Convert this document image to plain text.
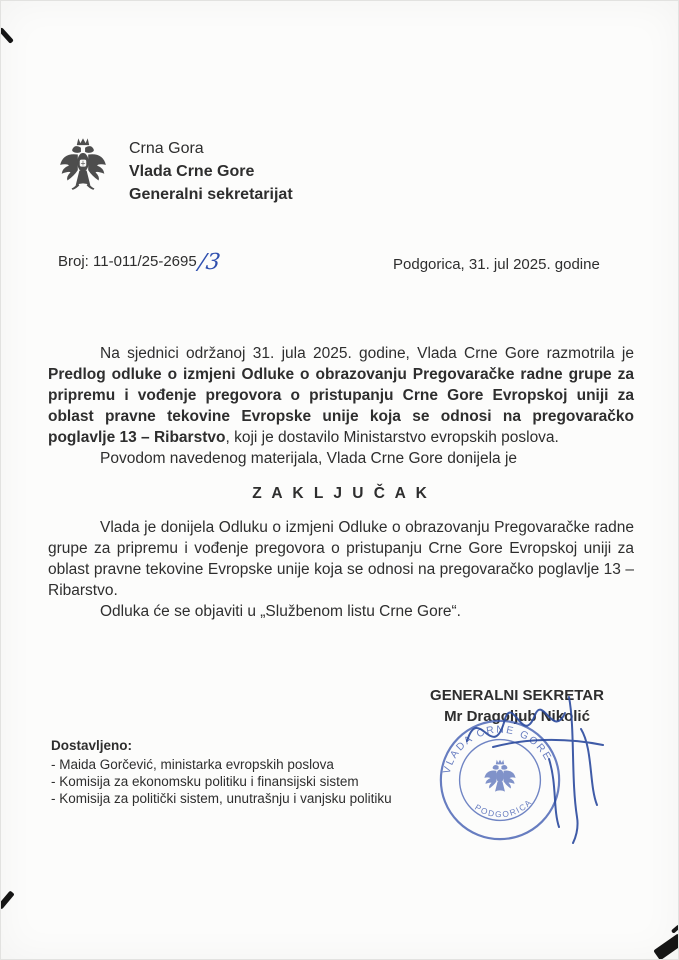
Crna Gora
Vlada Crne Gore
Generalni sekretarijat
Broj: 11-011/25-2695/3	Podgorica, 31. jul 2025. godine

Na sjednici održanoj 31. jula 2025. godine, Vlada Crne Gore razmotrila je Predlog odluke o izmjeni Odluke o obrazovanju Pregovaračke radne grupe za pripremu i vođenje pregovora o pristupanju Crne Gore Evropskoj uniji za oblast pravne tekovine Evropske unije koja se odnosi na pregovaračko poglavlje 13 – Ribarstvo, koji je dostavilo Ministarstvo evropskih poslova.

Povodom navedenog materijala, Vlada Crne Gore donijela je

Z A K L J U Č A K

Vlada je donijela Odluku o izmjeni Odluke o obrazovanju Pregovaračke radne grupe za pripremu i vođenje pregovora o pristupanju Crne Gore Evropskoj uniji za oblast pravne tekovine Evropske unije koja se odnosi na pregovaračko poglavlje 13 – Ribarstvo.

Odluka će se objaviti u „Službenom listu Crne Gore“.

GENERALNI SEKRETAR
Mr Dragoljub Nikolić
Dostavljeno:
- Maida Gorčević, ministarka evropskih poslova
- Komisija za ekonomsku politiku i finansijski sistem
- Komisija za politički sistem, unutrašnju i vanjsku politiku
VLADA CRNE GORE
PODGORICA
